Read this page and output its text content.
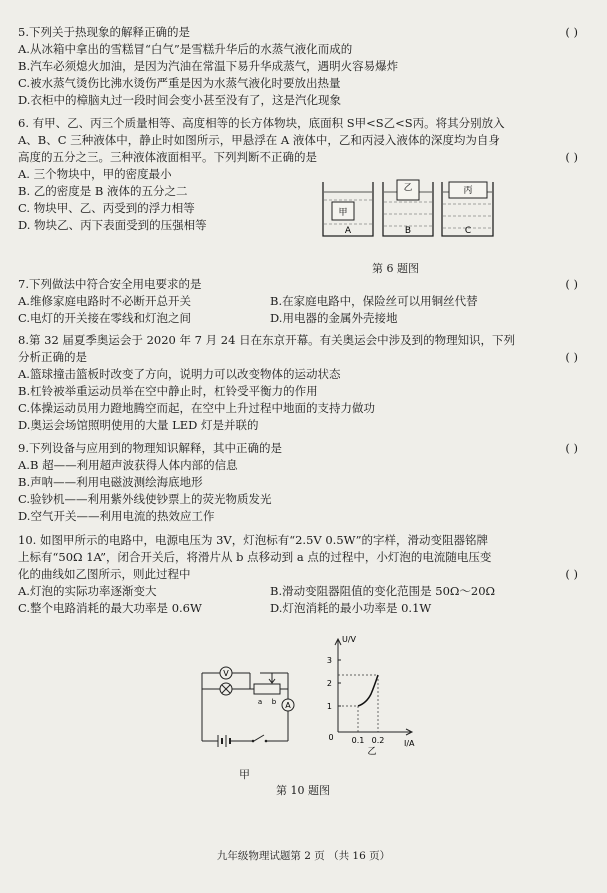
5.下列关于热现象的解释正确的是	( )

A.从冰箱中拿出的雪糕冒“白气”是雪糕升华后的水蒸气液化而成的

B.汽车必须熄火加油，是因为汽油在常温下易升华成蒸气，遇明火容易爆炸

C.被水蒸气烫伤比沸水烫伤严重是因为水蒸气液化时要放出热量

D.衣柜中的樟脑丸过一段时间会变小甚至没有了，这是汽化现象

6. 有甲、乙、丙三个质量相等、高度相等的长方体物块，底面积 S甲<S乙<S丙。将其分别放入

A、B、C 三种液体中，静止时如图所示，甲悬浮在 A 液体中，乙和丙浸入液体的深度均为自身

高度的五分之三。三种液体液面相平。下列判断不正确的是	( )

A. 三个物块中，甲的密度最小

B. 乙的密度是 B 液体的五分之二

C. 物块甲、乙、丙受到的浮力相等

D. 物块乙、丙下表面受到的压强相等

甲
A
乙
B
丙
C
第 6 题图

7.下列做法中符合安全用电要求的是	( )

A.维修家庭电路时不必断开总开关	B.在家庭电路中，保险丝可以用铜丝代替

C.电灯的开关接在零线和灯泡之间	D.用电器的金属外壳接地

8.第 32 届夏季奥运会于 2020 年 7 月 24 日在东京开幕。有关奥运会中涉及到的物理知识，下列

分析正确的是	( )

A.篮球撞击篮板时改变了方向，说明力可以改变物体的运动状态

B.杠铃被举重运动员举在空中静止时，杠铃受平衡力的作用

C.体操运动员用力蹬地腾空而起，在空中上升过程中地面的支持力做功

D.奥运会场馆照明使用的大量 LED 灯是并联的

9.下列设备与应用到的物理知识解释，其中正确的是	( )

A.B 超——利用超声波获得人体内部的信息

B.声呐——利用电磁波测绘海底地形

C.验钞机——利用紫外线使钞票上的荧光物质发光

D.空气开关——利用电流的热效应工作

10. 如图甲所示的电路中，电源电压为 3V，灯泡标有“2.5V 0.5W”的字样，滑动变阻器铭牌

上标有“50Ω 1A”，闭合开关后，将滑片从 b 点移动到 a 点的过程中，小灯泡的电流随电压变

化的曲线如乙图所示，则此过程中	( )

A.灯泡的实际功率逐渐变大	B.滑动变阻器阻值的变化范围是 50Ω～20Ω

C.整个电路消耗的最大功率是 0.6W	D.灯泡消耗的最小功率是 0.1W

V
a b A
甲
U/V
I/A
0
1
2
3
0.1 0.2
乙
第 10 题图
九年级物理试题第 2 页 （共 16 页）
